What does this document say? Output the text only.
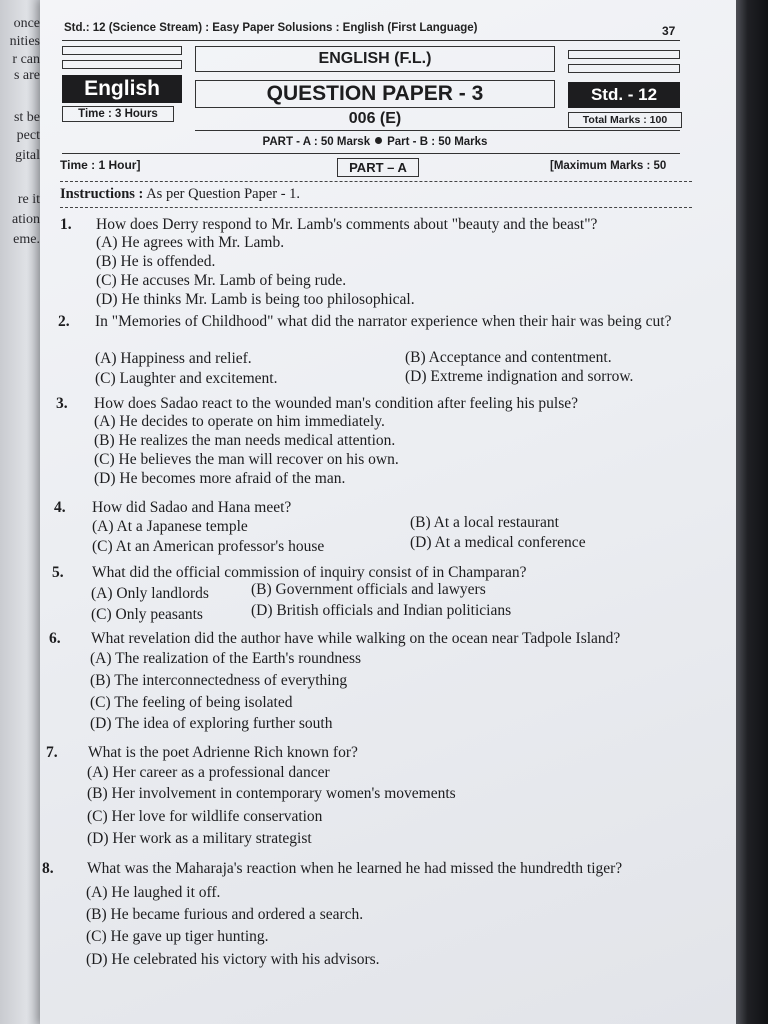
once
nities
r can
s are
st be
pect
gital
re it
ation
eme.
Std.: 12 (Science Stream) : Easy Paper Solusions : English (First Language)	37
ENGLISH (F.L.)
English	QUESTION PAPER - 3	Std. - 12
Time : 3 Hours	006 (E)	Total Marks : 100
PART - A : 50 Marsk Part - B : 50 Marks
Time : 1 Hour]	PART – A	[Maximum Marks : 50
Instructions : As per Question Paper - 1.
1. How does Derry respond to Mr. Lamb's comments about "beauty and the beast"?
(A) He agrees with Mr. Lamb.
(B) He is offended.
(C) He accuses Mr. Lamb of being rude.
(D) He thinks Mr. Lamb is being too philosophical.
2. In "Memories of Childhood" what did the narrator experience when their hair was being cut?
(A) Happiness and relief.	(B) Acceptance and contentment.
(C) Laughter and excitement.	(D) Extreme indignation and sorrow.
3. How does Sadao react to the wounded man's condition after feeling his pulse?
(A) He decides to operate on him immediately.
(B) He realizes the man needs medical attention.
(C) He believes the man will recover on his own.
(D) He becomes more afraid of the man.
4. How did Sadao and Hana meet?
(A) At a Japanese temple	(B) At a local restaurant
(C) At an American professor's house	(D) At a medical conference
5. What did the official commission of inquiry consist of in Champaran?
(A) Only landlords	(B) Government officials and lawyers
(C) Only peasants	(D) British officials and Indian politicians
6. What revelation did the author have while walking on the ocean near Tadpole Island?
(A) The realization of the Earth's roundness
(B) The interconnectedness of everything
(C) The feeling of being isolated
(D) The idea of exploring further south
7. What is the poet Adrienne Rich known for?
(A) Her career as a professional dancer
(B) Her involvement in contemporary women's movements
(C) Her love for wildlife conservation
(D) Her work as a military strategist
8. What was the Maharaja's reaction when he learned he had missed the hundredth tiger?
(A) He laughed it off.
(B) He became furious and ordered a search.
(C) He gave up tiger hunting.
(D) He celebrated his victory with his advisors.
